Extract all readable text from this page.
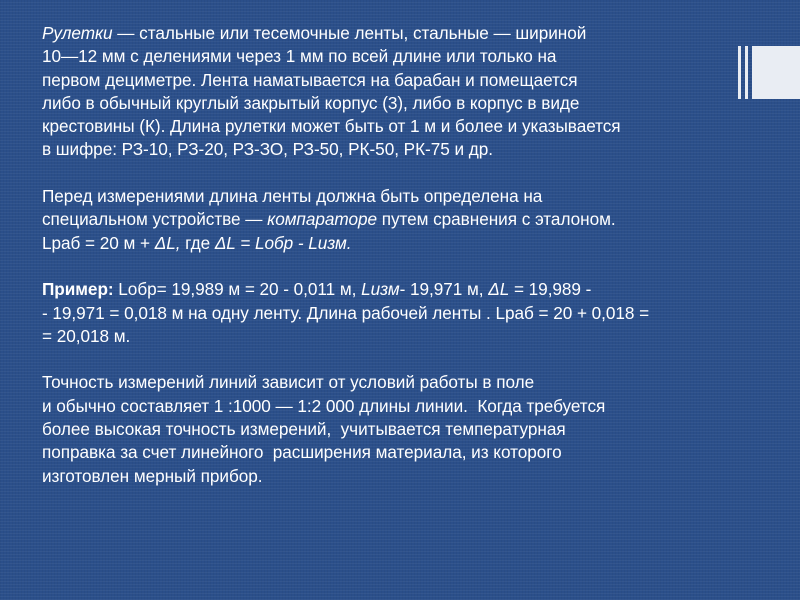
Рулетки — стальные или тесемочные ленты, стальные — шириной
10—12 мм с делениями через 1 мм по всей длине или только на
первом дециметре. Лента наматывается на барабан и помещается
либо в обычный круглый закрытый корпус (3), либо в корпус в виде
крестовины (К). Длина рулетки может быть от 1 м и более и указывается
в шифре: РЗ-10, РЗ-20, РЗ-ЗО, РЗ-50, РК-50, РК-75 и др.
Перед измерениями длина ленты должна быть определена на
специальном устройстве — компараторе путем сравнения с эталоном.
Lраб = 20 м + ΔL, где ΔL = Lобр - Lизм.
Пример: Lобр= 19,989 м = 20 - 0,011 м, Lизм- 19,971 м, ΔL = 19,989 -
- 19,971 = 0,018 м на одну ленту. Длина рабочей ленты . Lраб = 20 + 0,018 =
= 20,018 м.
Точность измерений линий зависит от условий работы в поле
и обычно составляет 1 :1000 — 1:2 000 длины линии.  Когда требуется
более высокая точность измерений,  учитывается температурная
поправка за счет линейного  расширения материала, из которого
изготовлен мерный прибор.
